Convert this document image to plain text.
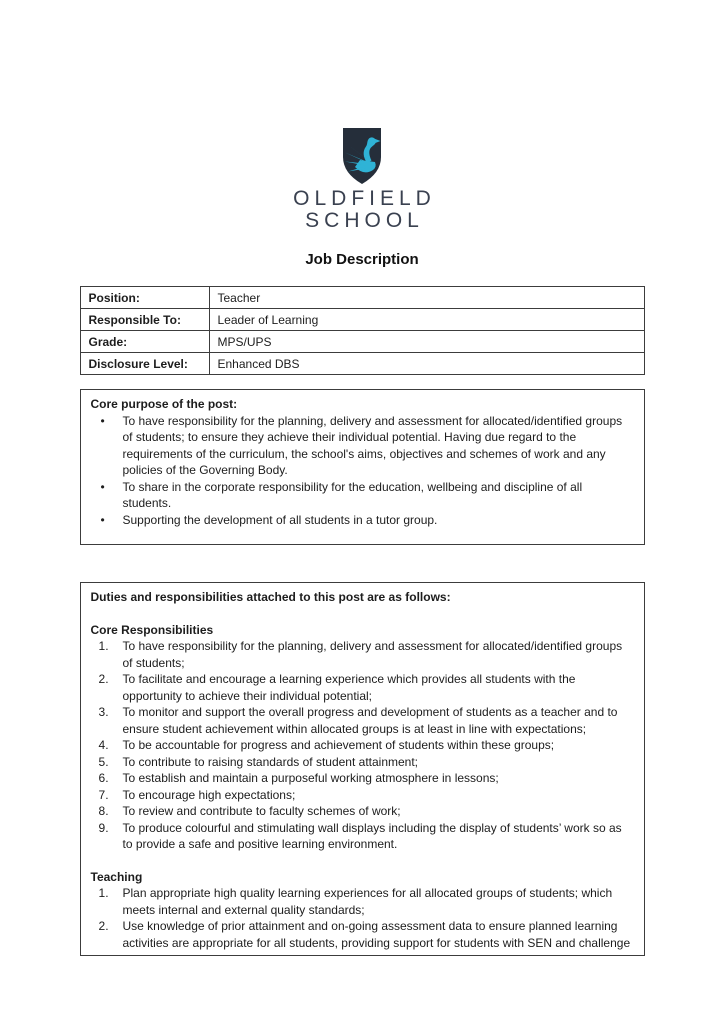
OLDFIELD
SCHOOL
Job Description
Position:	Teacher
Responsible To:	Leader of Learning
Grade:	MPS/UPS
Disclosure Level:	Enhanced DBS
Core purpose of the post:
• To have responsibility for the planning, delivery and assessment for allocated/identified groups of students; to ensure they achieve their individual potential. Having due regard to the requirements of the curriculum, the school's aims, objectives and schemes of work and any policies of the Governing Body.
• To share in the corporate responsibility for the education, wellbeing and discipline of all students.
• Supporting the development of all students in a tutor group.
Duties and responsibilities attached to this post are as follows:
Core Responsibilities
To have responsibility for the planning, delivery and assessment for allocated/identified groups of students;
To facilitate and encourage a learning experience which provides all students with the opportunity to achieve their individual potential;
To monitor and support the overall progress and development of students as a teacher and to ensure student achievement within allocated groups is at least in line with expectations;
To be accountable for progress and achievement of students within these groups;
To contribute to raising standards of student attainment;
To establish and maintain a purposeful working atmosphere in lessons;
To encourage high expectations;
To review and contribute to faculty schemes of work;
To produce colourful and stimulating wall displays including the display of students’ work so as to provide a safe and positive learning environment.
Teaching
Plan appropriate high quality learning experiences for all allocated groups of students; which meets internal and external quality standards;
Use knowledge of prior attainment and on-going assessment data to ensure planned learning activities are appropriate for all students, providing support for students with SEN and challenge
